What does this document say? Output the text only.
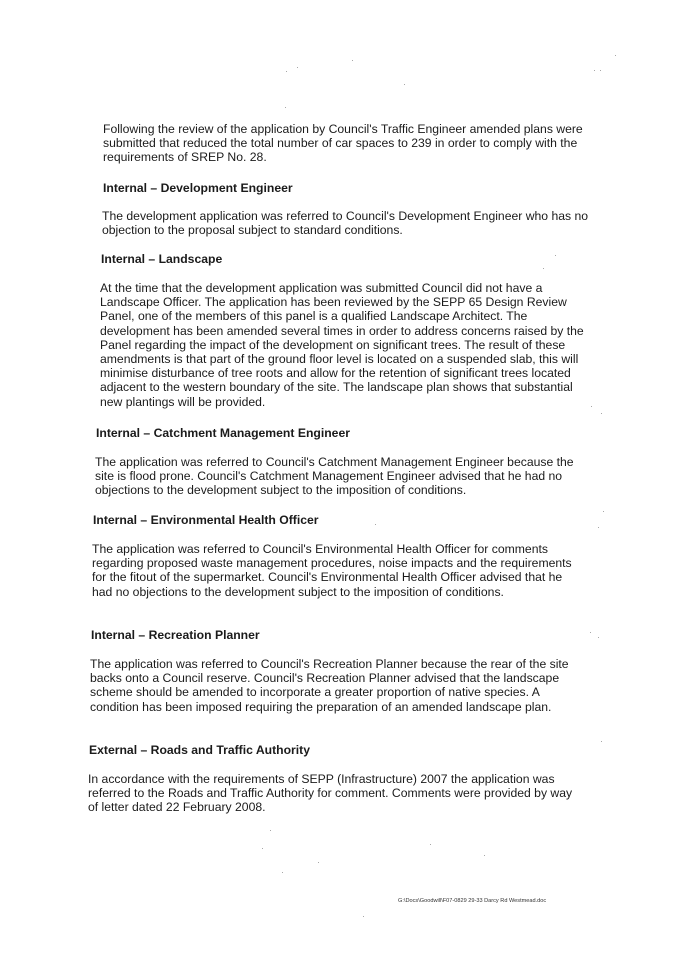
Following the review of the application by Council's Traffic Engineer amended plans were submitted that reduced the total number of car spaces to 239 in order to comply with the requirements of SREP No. 28.

Internal – Development Engineer

The development application was referred to Council's Development Engineer who has no objection to the proposal subject to standard conditions.

Internal – Landscape

At the time that the development application was submitted Council did not have a Landscape Officer. The application has been reviewed by the SEPP 65 Design Review Panel, one of the members of this panel is a qualified Landscape Architect. The development has been amended several times in order to address concerns raised by the Panel regarding the impact of the development on significant trees. The result of these amendments is that part of the ground floor level is located on a suspended slab, this will minimise disturbance of tree roots and allow for the retention of significant trees located adjacent to the western boundary of the site. The landscape plan shows that substantial new plantings will be provided.

Internal – Catchment Management Engineer

The application was referred to Council's Catchment Management Engineer because the site is flood prone. Council's Catchment Management Engineer advised that he had no objections to the development subject to the imposition of conditions.

Internal – Environmental Health Officer

The application was referred to Council's Environmental Health Officer for comments regarding proposed waste management procedures, noise impacts and the requirements for the fitout of the supermarket. Council's Environmental Health Officer advised that he had no objections to the development subject to the imposition of conditions.

Internal – Recreation Planner

The application was referred to Council's Recreation Planner because the rear of the site backs onto a Council reserve. Council's Recreation Planner advised that the landscape scheme should be amended to incorporate a greater proportion of native species. A condition has been imposed requiring the preparation of an amended landscape plan.

External – Roads and Traffic Authority

In accordance with the requirements of SEPP (Infrastructure) 2007 the application was referred to the Roads and Traffic Authority for comment. Comments were provided by way of letter dated 22 February 2008.

G:\Docs\Goodwill\F07-0829 29-33 Darcy Rd Westmead.doc
